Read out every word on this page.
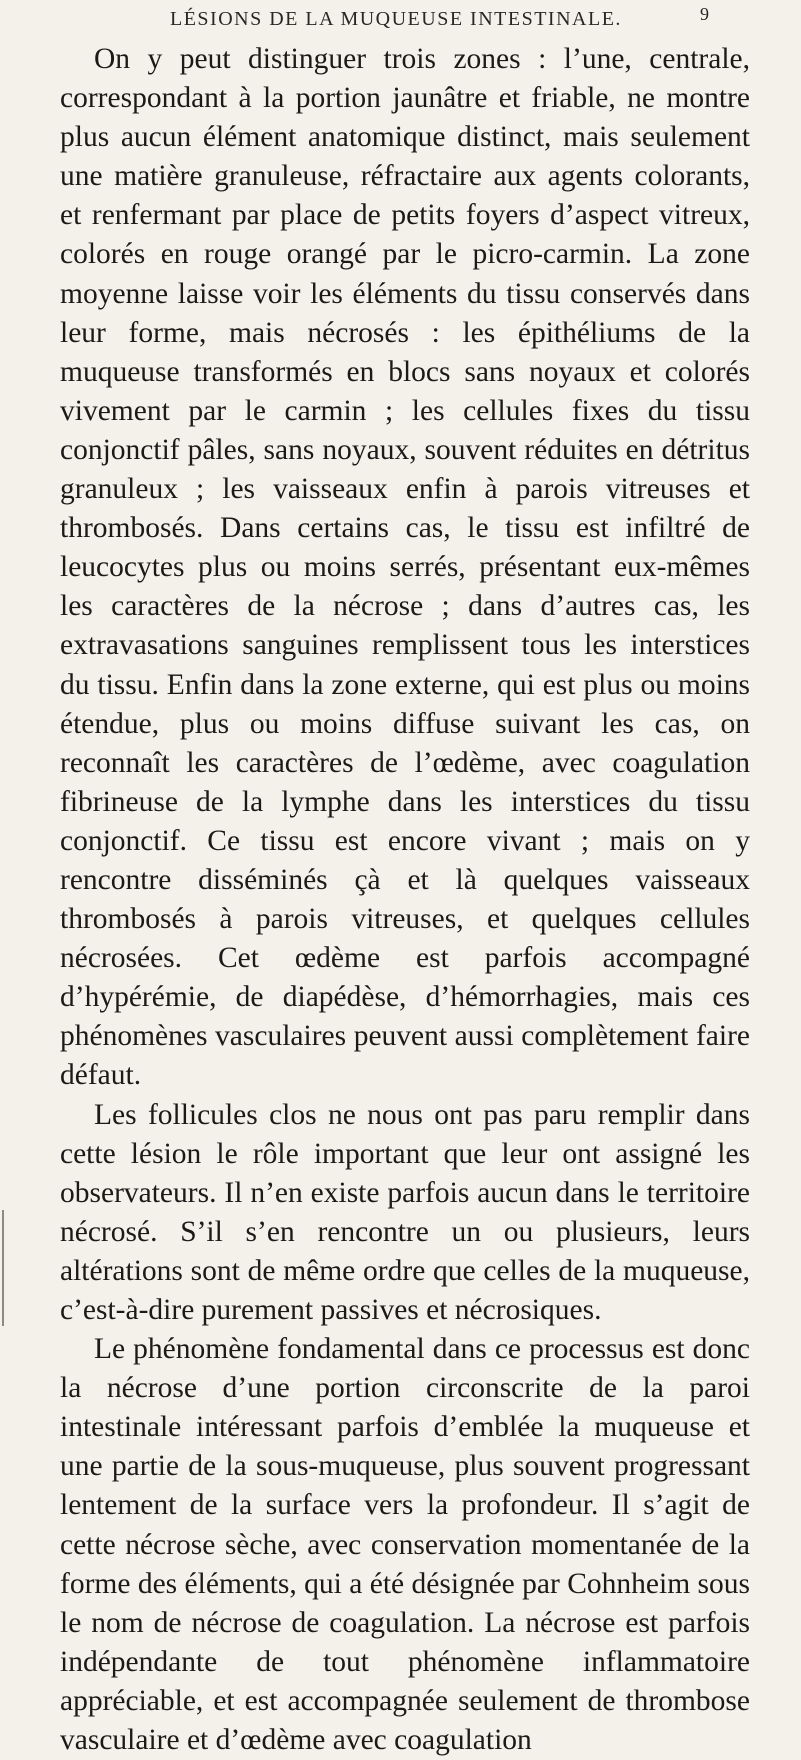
LÉSIONS DE LA MUQUEUSE INTESTINALE.	9

On y peut distinguer trois zones : l’une, centrale, correspondant à la portion jaunâtre et friable, ne montre plus aucun élément anatomique distinct, mais seulement une matière granuleuse, réfractaire aux agents colorants, et renfermant par place de petits foyers d’aspect vitreux, colorés en rouge orangé par le picro-carmin. La zone moyenne laisse voir les éléments du tissu conservés dans leur forme, mais nécrosés : les épithéliums de la muqueuse transformés en blocs sans noyaux et colorés vivement par le carmin ; les cellules fixes du tissu conjonctif pâles, sans noyaux, souvent réduites en détritus granuleux ; les vaisseaux enfin à parois vitreuses et thrombosés. Dans certains cas, le tissu est infiltré de leucocytes plus ou moins serrés, présentant eux-mêmes les caractères de la nécrose ; dans d’autres cas, les extravasations sanguines remplissent tous les interstices du tissu. Enfin dans la zone externe, qui est plus ou moins étendue, plus ou moins diffuse suivant les cas, on reconnaît les caractères de l’œdème, avec coagulation fibrineuse de la lymphe dans les interstices du tissu conjonctif. Ce tissu est encore vivant ; mais on y rencontre disséminés çà et là quelques vaisseaux thrombosés à parois vitreuses, et quelques cellules nécrosées. Cet œdème est parfois accompagné d’hypérémie, de diapédèse, d’hémorrhagies, mais ces phénomènes vasculaires peuvent aussi complètement faire défaut.

Les follicules clos ne nous ont pas paru remplir dans cette lésion le rôle important que leur ont assigné les observateurs. Il n’en existe parfois aucun dans le territoire nécrosé. S’il s’en rencontre un ou plusieurs, leurs altérations sont de même ordre que celles de la muqueuse, c’est-à-dire purement passives et nécrosiques.

Le phénomène fondamental dans ce processus est donc la nécrose d’une portion circonscrite de la paroi intestinale intéressant parfois d’emblée la muqueuse et une partie de la sous-muqueuse, plus souvent progressant lentement de la surface vers la profondeur. Il s’agit de cette nécrose sèche, avec conservation momentanée de la forme des éléments, qui a été désignée par Cohnheim sous le nom de nécrose de coagulation. La nécrose est parfois indépendante de tout phénomène inflammatoire appréciable, et est accompagnée seulement de thrombose vasculaire et d’œdème avec coagulation
